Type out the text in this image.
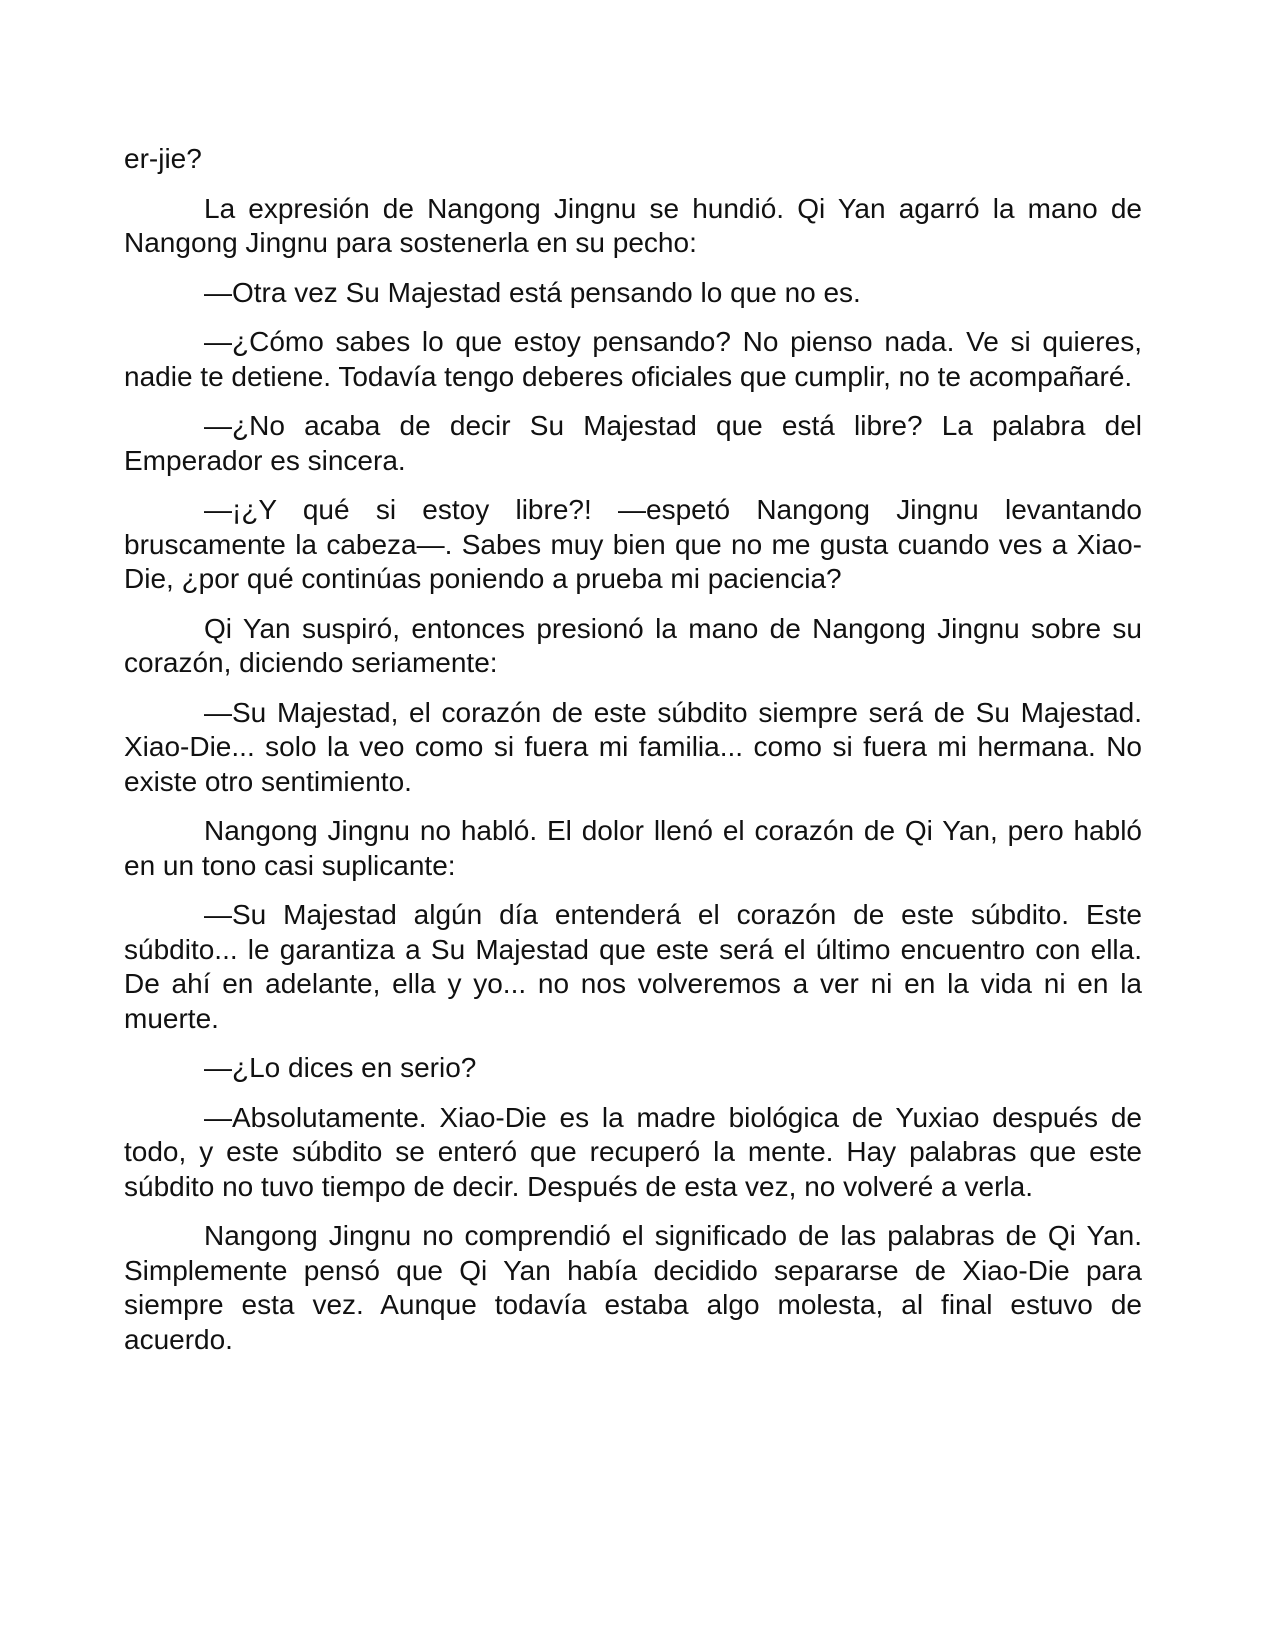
er-jie?

La expresión de Nangong Jingnu se hundió. Qi Yan agarró la mano de Nangong Jingnu para sostenerla en su pecho:

—Otra vez Su Majestad está pensando lo que no es.

—¿Cómo sabes lo que estoy pensando? No pienso nada. Ve si quieres, nadie te detiene. Todavía tengo deberes oficiales que cumplir, no te acompañaré.

—¿No acaba de decir Su Majestad que está libre? La palabra del Emperador es sincera.

—¡¿Y qué si estoy libre?! —espetó Nangong Jingnu levantando bruscamente la cabeza—. Sabes muy bien que no me gusta cuando ves a Xiao-Die, ¿por qué continúas poniendo a prueba mi paciencia?

Qi Yan suspiró, entonces presionó la mano de Nangong Jingnu sobre su corazón, diciendo seriamente:

—Su Majestad, el corazón de este súbdito siempre será de Su Majestad. Xiao-Die... solo la veo como si fuera mi familia... como si fuera mi hermana. No existe otro sentimiento.

Nangong Jingnu no habló. El dolor llenó el corazón de Qi Yan, pero habló en un tono casi suplicante:

—Su Majestad algún día entenderá el corazón de este súbdito. Este súbdito... le garantiza a Su Majestad que este será el último encuentro con ella. De ahí en adelante, ella y yo... no nos volveremos a ver ni en la vida ni en la muerte.

—¿Lo dices en serio?

—Absolutamente. Xiao-Die es la madre biológica de Yuxiao después de todo, y este súbdito se enteró que recuperó la mente. Hay palabras que este súbdito no tuvo tiempo de decir. Después de esta vez, no volveré a verla.

Nangong Jingnu no comprendió el significado de las palabras de Qi Yan. Simplemente pensó que Qi Yan había decidido separarse de Xiao-Die para siempre esta vez. Aunque todavía estaba algo molesta, al final estuvo de acuerdo.
